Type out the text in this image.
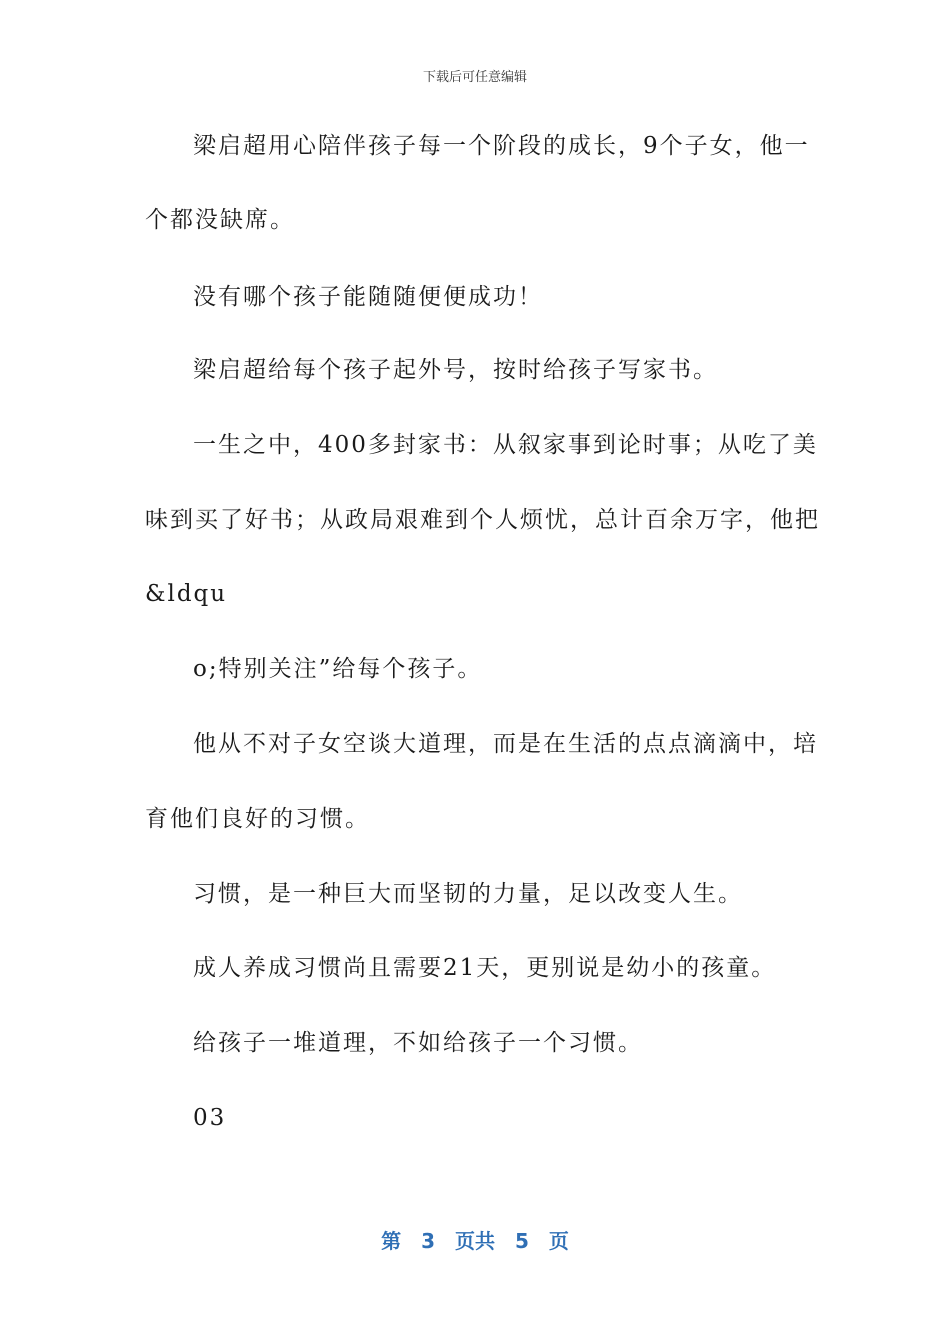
下载后可任意编辑
梁启超用心陪伴孩子每一个阶段的成长，9个子女，他一
个都没缺席。
没有哪个孩子能随随便便成功！
梁启超给每个孩子起外号，按时给孩子写家书。
一生之中，400多封家书：从叙家事到论时事；从吃了美
味到买了好书；从政局艰难到个人烦忧，总计百余万字，他把
&ldqu
o;特别关注”给每个孩子。
他从不对子女空谈大道理，而是在生活的点点滴滴中，培
育他们良好的习惯。
习惯，是一种巨大而坚韧的力量，足以改变人生。
成人养成习惯尚且需要21天，更别说是幼小的孩童。
给孩子一堆道理，不如给孩子一个习惯。
03
第 3 页共 5 页
